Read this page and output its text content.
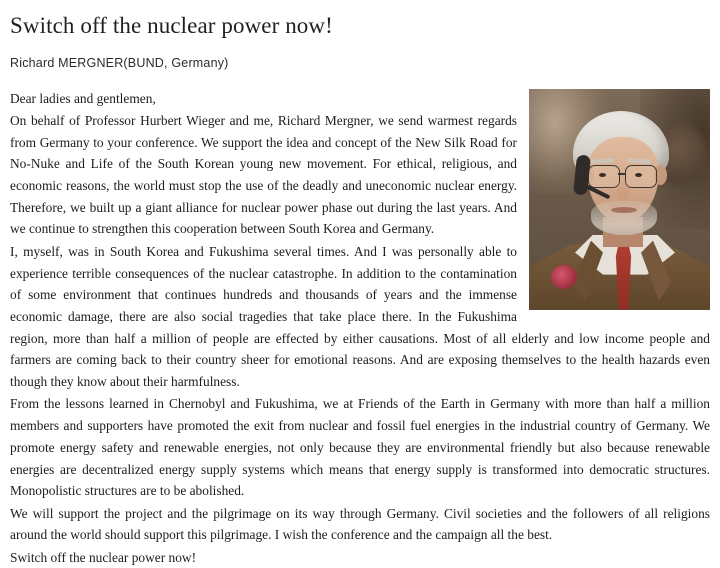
Switch off the nuclear power now!
Richard MERGNER(BUND, Germany)

Dear ladies and gentlemen,

On behalf of Professor Hurbert Wieger and me, Richard Mergner, we send warmest regards from Germany to your conference. We support the idea and concept of the New Silk Road for No-Nuke and Life of the South Korean young new movement. For ethical, religious, and economic reasons, the world must stop the use of the deadly and uneconomic nuclear energy. Therefore, we built up a giant alliance for nuclear power phase out during the last years. And we continue to strengthen this cooperation between South Korea and Germany.

I, myself, was in South Korea and Fukushima several times. And I was personally able to experience terrible consequences of the nuclear catastrophe. In addition to the contamination of some environment that continues hundreds and thousands of years and the immense economic damage, there are also social tragedies that take place there. In the Fukushima region, more than half a million of people are effected by either causations. Most of all elderly and low income people and farmers are coming back to their country sheer for emotional reasons. And are exposing themselves to the health hazards even though they know about their harmfulness.

From the lessons learned in Chernobyl and Fukushima, we at Friends of the Earth in Germany with more than half a million members and supporters have promoted the exit from nuclear and fossil fuel energies in the industrial country of Germany. We promote energy safety and renewable energies, not only because they are environmental friendly but also because renewable energies are decentralized energy supply systems which means that energy supply is transformed into democratic structures. Monopolistic structures are to be abolished.

We will support the project and the pilgrimage on its way through Germany. Civil societies and the followers of all religions around the world should support this pilgrimage. I wish the conference and the campaign all the best.

Switch off the nuclear power now!
